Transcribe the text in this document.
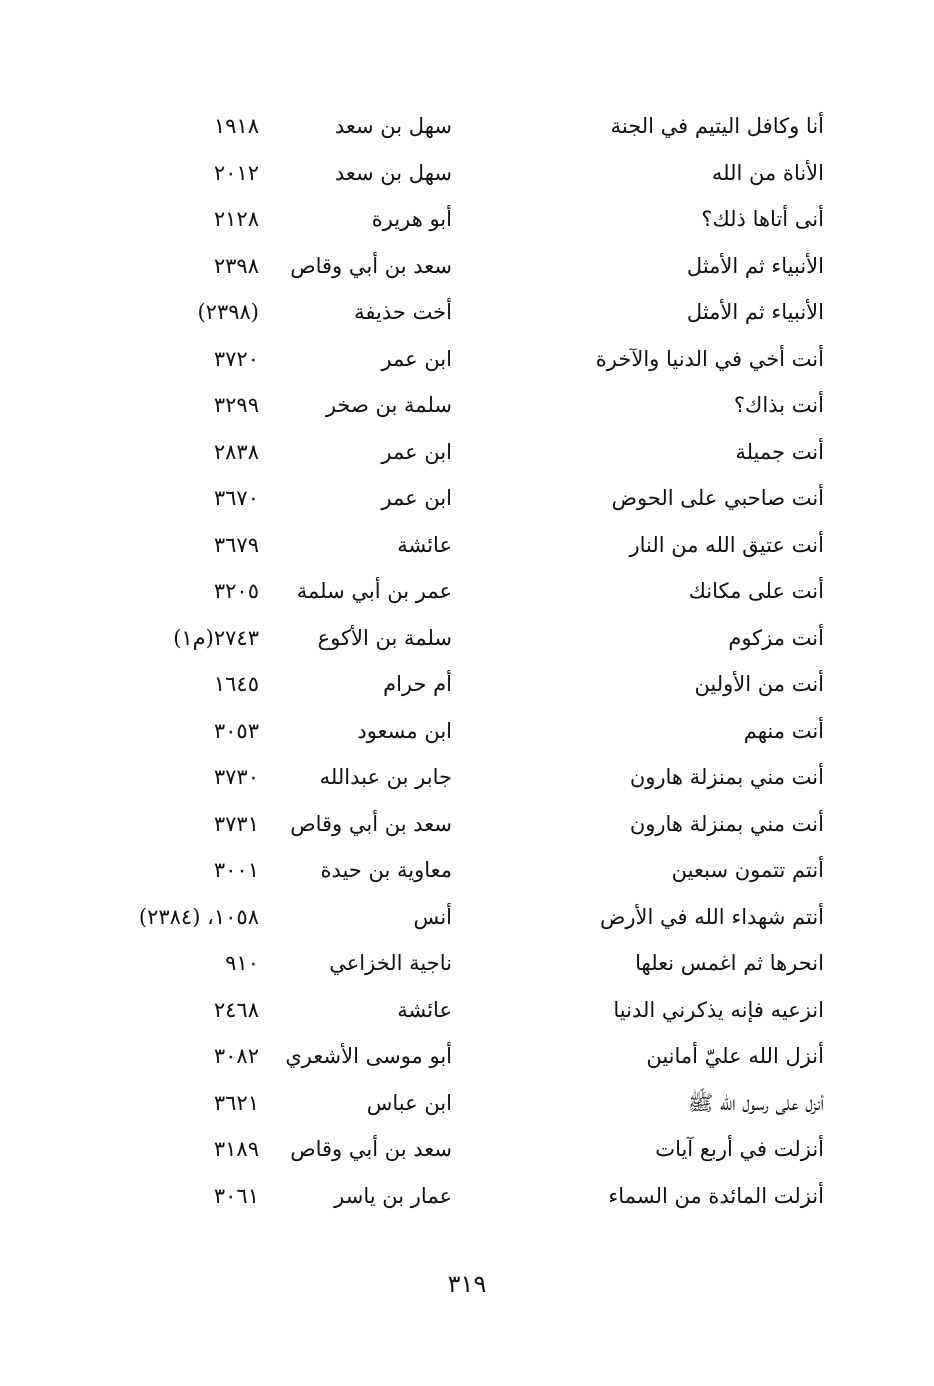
أنا وكافل اليتيم في الجنة
سهل بن سعد
١٩١٨
الأناة من الله
سهل بن سعد
٢٠١٢
أنى أتاها ذلك؟
أبو هريرة
٢١٢٨
الأنبياء ثم الأمثل
سعد بن أبي وقاص
٢٣٩٨
الأنبياء ثم الأمثل
أخت حذيفة
(٢٣٩٨)
أنت أخي في الدنيا والآخرة
ابن عمر
٣٧٢٠
أنت بذاك؟
سلمة بن صخر
٣٢٩٩
أنت جميلة
ابن عمر
٢٨٣٨
أنت صاحبي على الحوض
ابن عمر
٣٦٧٠
أنت عتيق الله من النار
عائشة
٣٦٧٩
أنت على مكانك
عمر بن أبي سلمة
٣٢٠٥
أنت مزكوم
سلمة بن الأكوع
٢٧٤٣(م١)
أنت من الأولين
أم حرام
١٦٤٥
أنت منهم
ابن مسعود
٣٠٥٣
أنت مني بمنزلة هارون
جابر بن عبدالله
٣٧٣٠
أنت مني بمنزلة هارون
سعد بن أبي وقاص
٣٧٣١
أنتم تتمون سبعين
معاوية بن حيدة
٣٠٠١
أنتم شهداء الله في الأرض
أنس
١٠٥٨، (٢٣٨٤)
انحرها ثم اغمس نعلها
ناجية الخزاعي
٩١٠
انزعيه فإنه يذكرني الدنيا
عائشة
٢٤٦٨
أنزل الله عليّ أمانين
أبو موسى الأشعري
٣٠٨٢
أنزل على رسول الله ﷺ
ابن عباس
٣٦٢١
أنزلت في أربع آيات
سعد بن أبي وقاص
٣١٨٩
أنزلت المائدة من السماء
عمار بن ياسر
٣٠٦١
٣١٩
